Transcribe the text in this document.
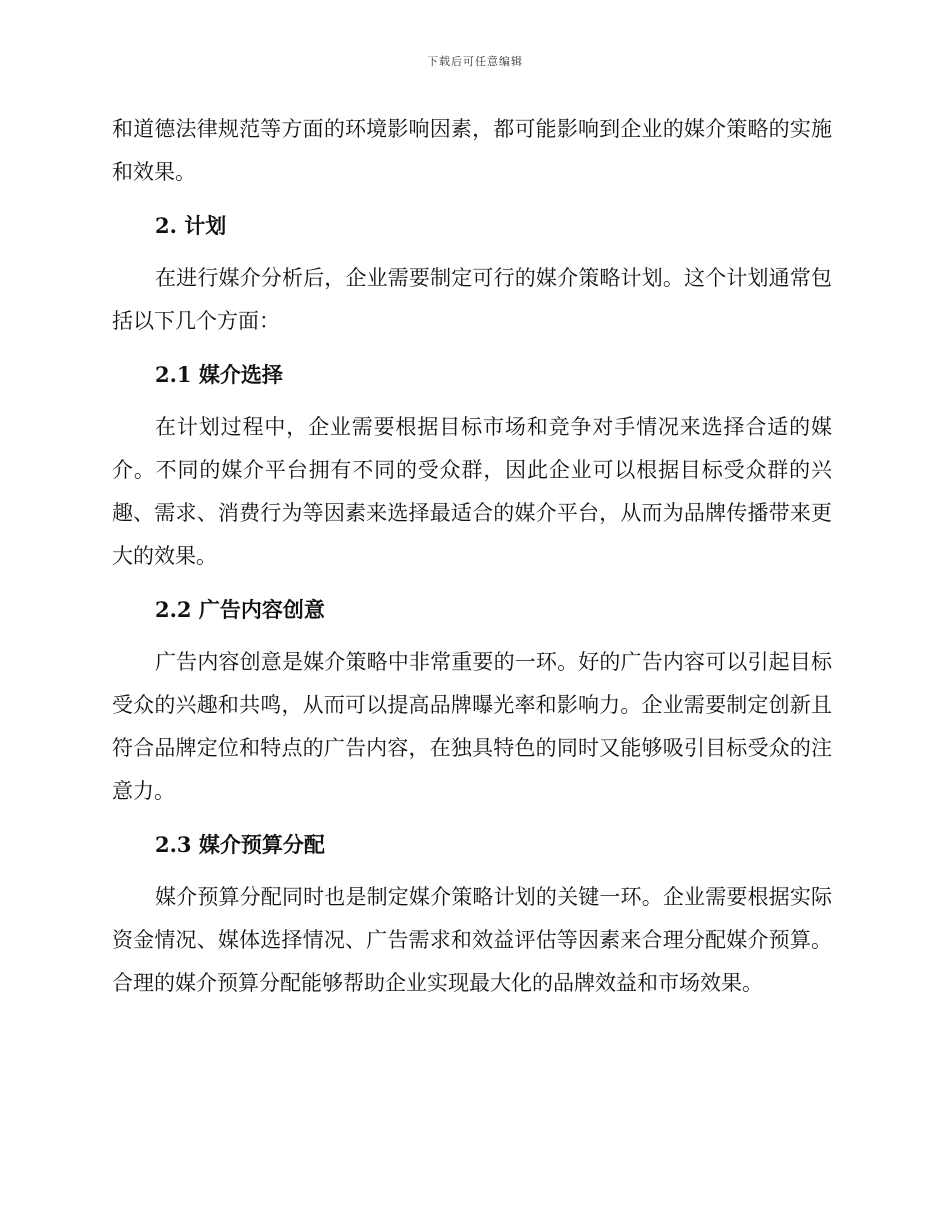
下载后可任意编辑

和道德法律规范等方面的环境影响因素，都可能影响到企业的媒介策略的实施和效果。

2. 计划

在进行媒介分析后，企业需要制定可行的媒介策略计划。这个计划通常包括以下几个方面：

2.1 媒介选择

在计划过程中，企业需要根据目标市场和竞争对手情况来选择合适的媒介。不同的媒介平台拥有不同的受众群，因此企业可以根据目标受众群的兴趣、需求、消费行为等因素来选择最适合的媒介平台，从而为品牌传播带来更大的效果。

2.2 广告内容创意

广告内容创意是媒介策略中非常重要的一环。好的广告内容可以引起目标受众的兴趣和共鸣，从而可以提高品牌曝光率和影响力。企业需要制定创新且符合品牌定位和特点的广告内容，在独具特色的同时又能够吸引目标受众的注意力。

2.3 媒介预算分配

媒介预算分配同时也是制定媒介策略计划的关键一环。企业需要根据实际资金情况、媒体选择情况、广告需求和效益评估等因素来合理分配媒介预算。合理的媒介预算分配能够帮助企业实现最大化的品牌效益和市场效果。
